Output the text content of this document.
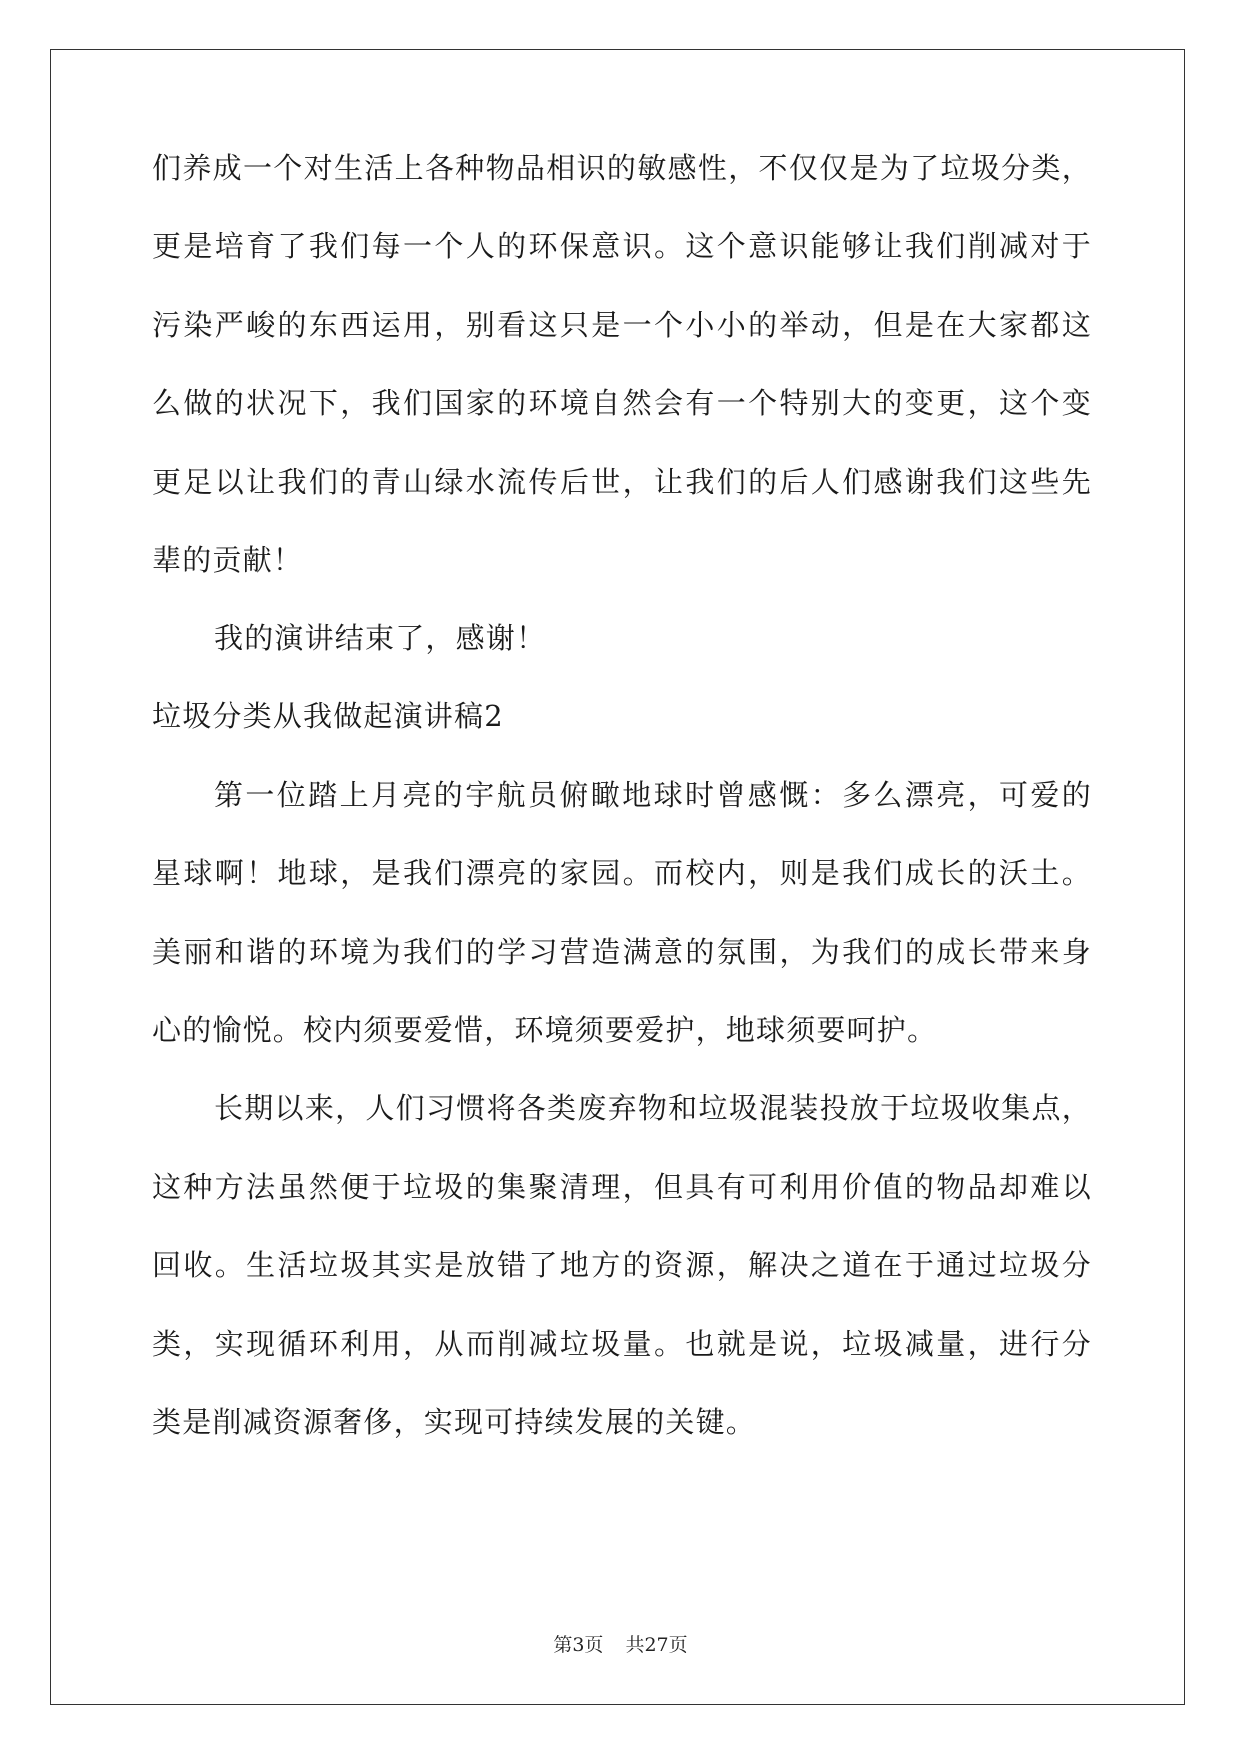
们养成一个对生活上各种物品相识的敏感性，不仅仅是为了垃圾分类，
更是培育了我们每一个人的环保意识。这个意识能够让我们削减对于
污染严峻的东西运用，别看这只是一个小小的举动，但是在大家都这
么做的状况下，我们国家的环境自然会有一个特别大的变更，这个变
更足以让我们的青山绿水流传后世，让我们的后人们感谢我们这些先
辈的贡献！
我的演讲结束了，感谢！
垃圾分类从我做起演讲稿2
第一位踏上月亮的宇航员俯瞰地球时曾感慨：多么漂亮，可爱的
星球啊！地球，是我们漂亮的家园。而校内，则是我们成长的沃土。
美丽和谐的环境为我们的学习营造满意的氛围，为我们的成长带来身
心的愉悦。校内须要爱惜，环境须要爱护，地球须要呵护。
长期以来，人们习惯将各类废弃物和垃圾混装投放于垃圾收集点，
这种方法虽然便于垃圾的集聚清理，但具有可利用价值的物品却难以
回收。生活垃圾其实是放错了地方的资源，解决之道在于通过垃圾分
类，实现循环利用，从而削减垃圾量。也就是说，垃圾减量，进行分
类是削减资源奢侈，实现可持续发展的关键。
第3页 共27页
